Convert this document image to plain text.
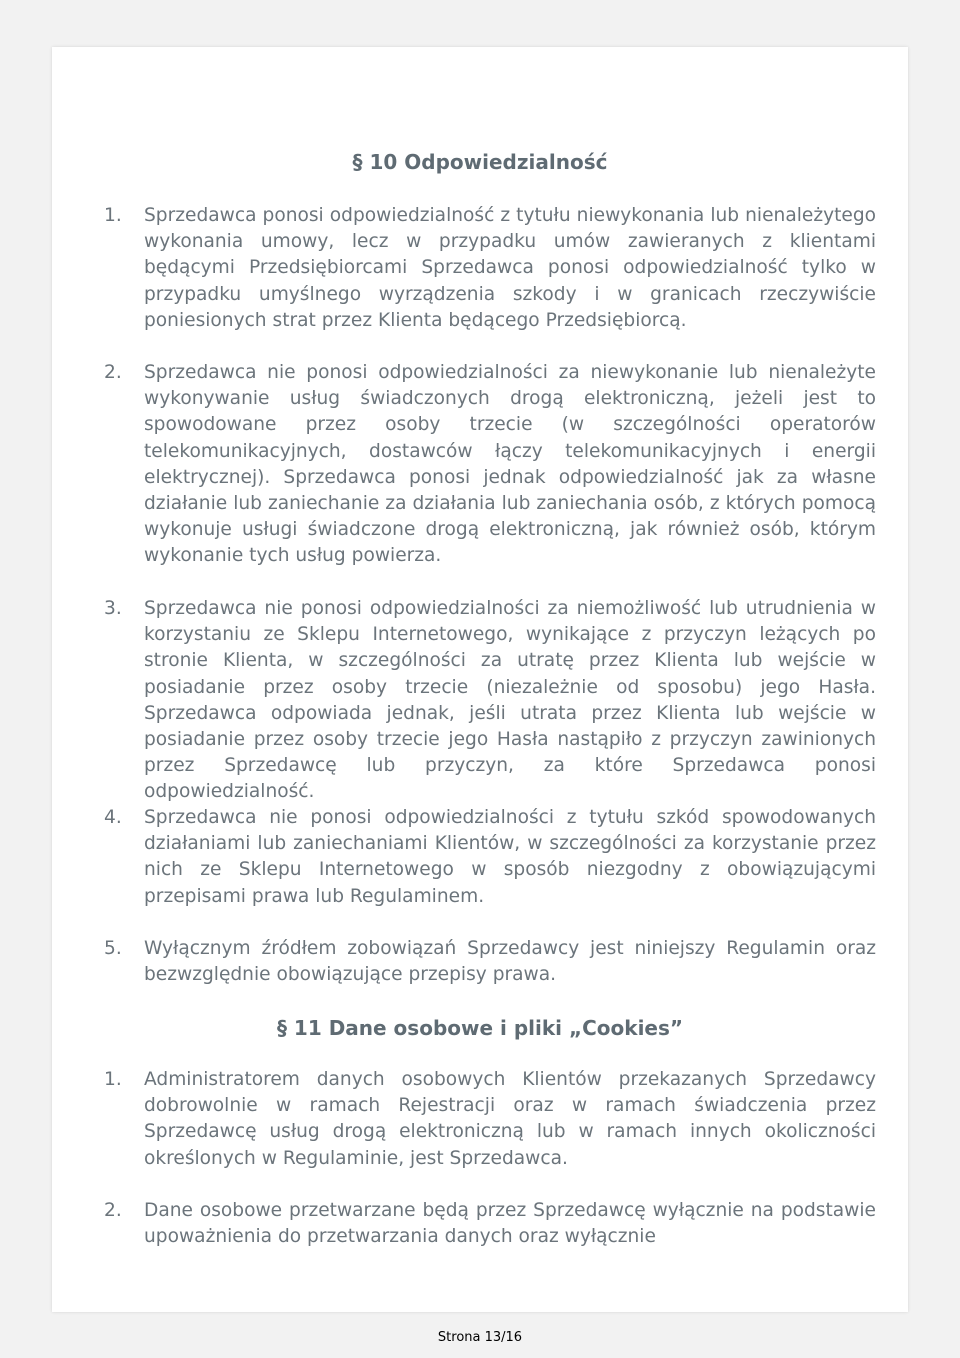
§ 10 Odpowiedzialność
1. Sprzedawca ponosi odpowiedzialność z tytułu niewykonania lub nienależytego wykonania umowy, lecz w przypadku umów zawieranych z klientami będącymi Przedsiębiorcami Sprzedawca ponosi odpowiedzialność tylko w przypadku umyślnego wyrządzenia szkody i w granicach rzeczywiście poniesionych strat przez Klienta będącego Przedsiębiorcą.
2. Sprzedawca nie ponosi odpowiedzialności za niewykonanie lub nienależyte wykonywanie usług świadczonych drogą elektroniczną, jeżeli jest to spowodowane przez osoby trzecie (w szczególności operatorów telekomunikacyjnych, dostawców łączy telekomunikacyjnych i energii elektrycznej). Sprzedawca ponosi jednak odpowiedzialność jak za własne działanie lub zaniechanie za działania lub zaniechania osób, z których pomocą wykonuje usługi świadczone drogą elektroniczną, jak również osób, którym wykonanie tych usług powierza.
3. Sprzedawca nie ponosi odpowiedzialności za niemożliwość lub utrudnienia w korzystaniu ze Sklepu Internetowego, wynikające z przyczyn leżących po stronie Klienta, w szczególności za utratę przez Klienta lub wejście w posiadanie przez osoby trzecie (niezależnie od sposobu) jego Hasła. Sprzedawca odpowiada jednak, jeśli utrata przez Klienta lub wejście w posiadanie przez osoby trzecie jego Hasła nastąpiło z przyczyn zawinionych przez Sprzedawcę lub przyczyn, za które Sprzedawca ponosi odpowiedzialność.
4. Sprzedawca nie ponosi odpowiedzialności z tytułu szkód spowodowanych działaniami lub zaniechaniami Klientów, w szczególności za korzystanie przez nich ze Sklepu Internetowego w sposób niezgodny z obowiązującymi przepisami prawa lub Regulaminem.
5. Wyłącznym źródłem zobowiązań Sprzedawcy jest niniejszy Regulamin oraz bezwzględnie obowiązujące przepisy prawa.
§ 11 Dane osobowe i pliki „Cookies”
1. Administratorem danych osobowych Klientów przekazanych Sprzedawcy dobrowolnie w ramach Rejestracji oraz w ramach świadczenia przez Sprzedawcę usług drogą elektroniczną lub w ramach innych okoliczności określonych w Regulaminie, jest Sprzedawca.
2. Dane osobowe przetwarzane będą przez Sprzedawcę wyłącznie na podstawie upoważnienia do przetwarzania danych oraz wyłącznie
Strona 13/16
